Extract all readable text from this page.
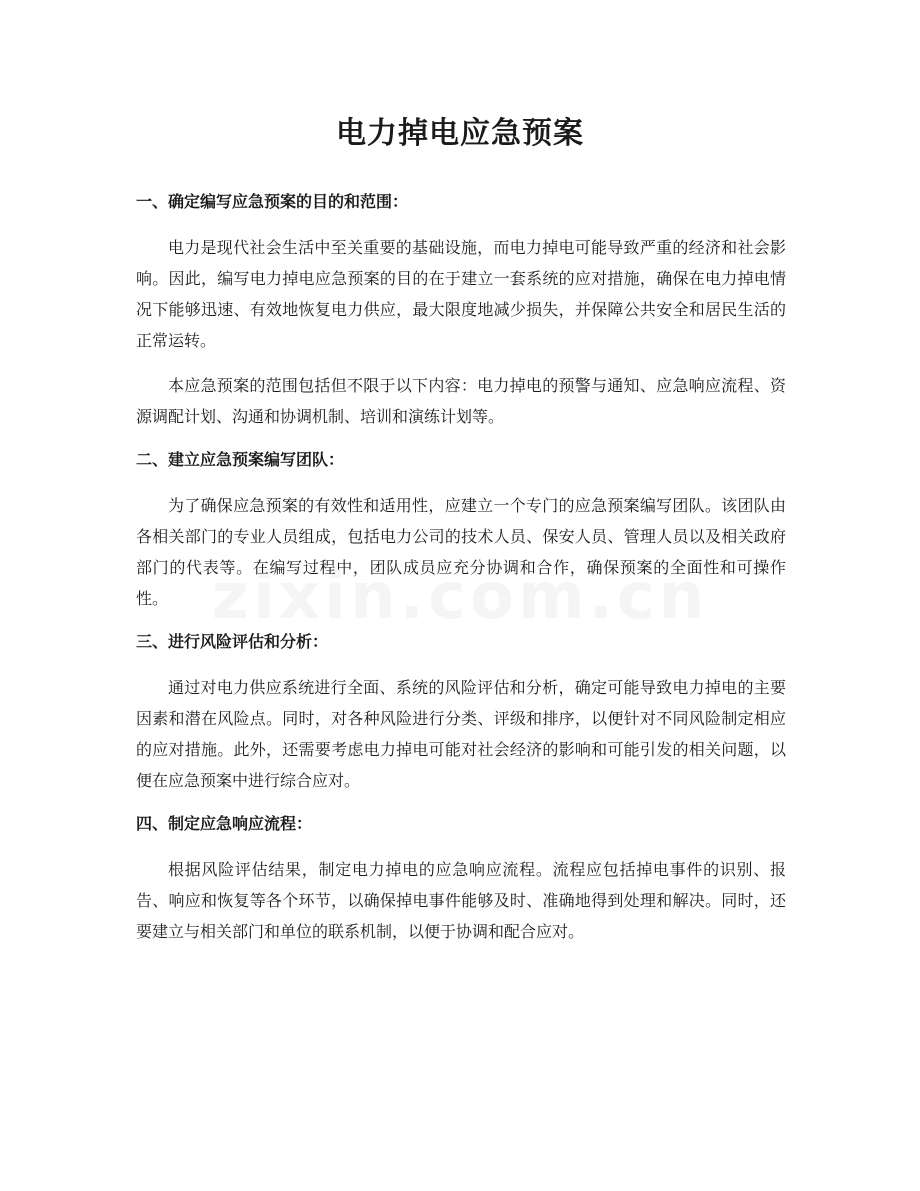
电力掉电应急预案
一、确定编写应急预案的目的和范围：

电力是现代社会生活中至关重要的基础设施，而电力掉电可能导致严重的经济和社会影响。因此，编写电力掉电应急预案的目的在于建立一套系统的应对措施，确保在电力掉电情况下能够迅速、有效地恢复电力供应，最大限度地减少损失，并保障公共安全和居民生活的正常运转。

本应急预案的范围包括但不限于以下内容：电力掉电的预警与通知、应急响应流程、资源调配计划、沟通和协调机制、培训和演练计划等。

二、建立应急预案编写团队：

为了确保应急预案的有效性和适用性，应建立一个专门的应急预案编写团队。该团队由各相关部门的专业人员组成，包括电力公司的技术人员、保安人员、管理人员以及相关政府部门的代表等。在编写过程中，团队成员应充分协调和合作，确保预案的全面性和可操作性。

三、进行风险评估和分析：

通过对电力供应系统进行全面、系统的风险评估和分析，确定可能导致电力掉电的主要因素和潜在风险点。同时，对各种风险进行分类、评级和排序，以便针对不同风险制定相应的应对措施。此外，还需要考虑电力掉电可能对社会经济的影响和可能引发的相关问题，以便在应急预案中进行综合应对。

四、制定应急响应流程：

根据风险评估结果，制定电力掉电的应急响应流程。流程应包括掉电事件的识别、报告、响应和恢复等各个环节，以确保掉电事件能够及时、准确地得到处理和解决。同时，还要建立与相关部门和单位的联系机制，以便于协调和配合应对。
